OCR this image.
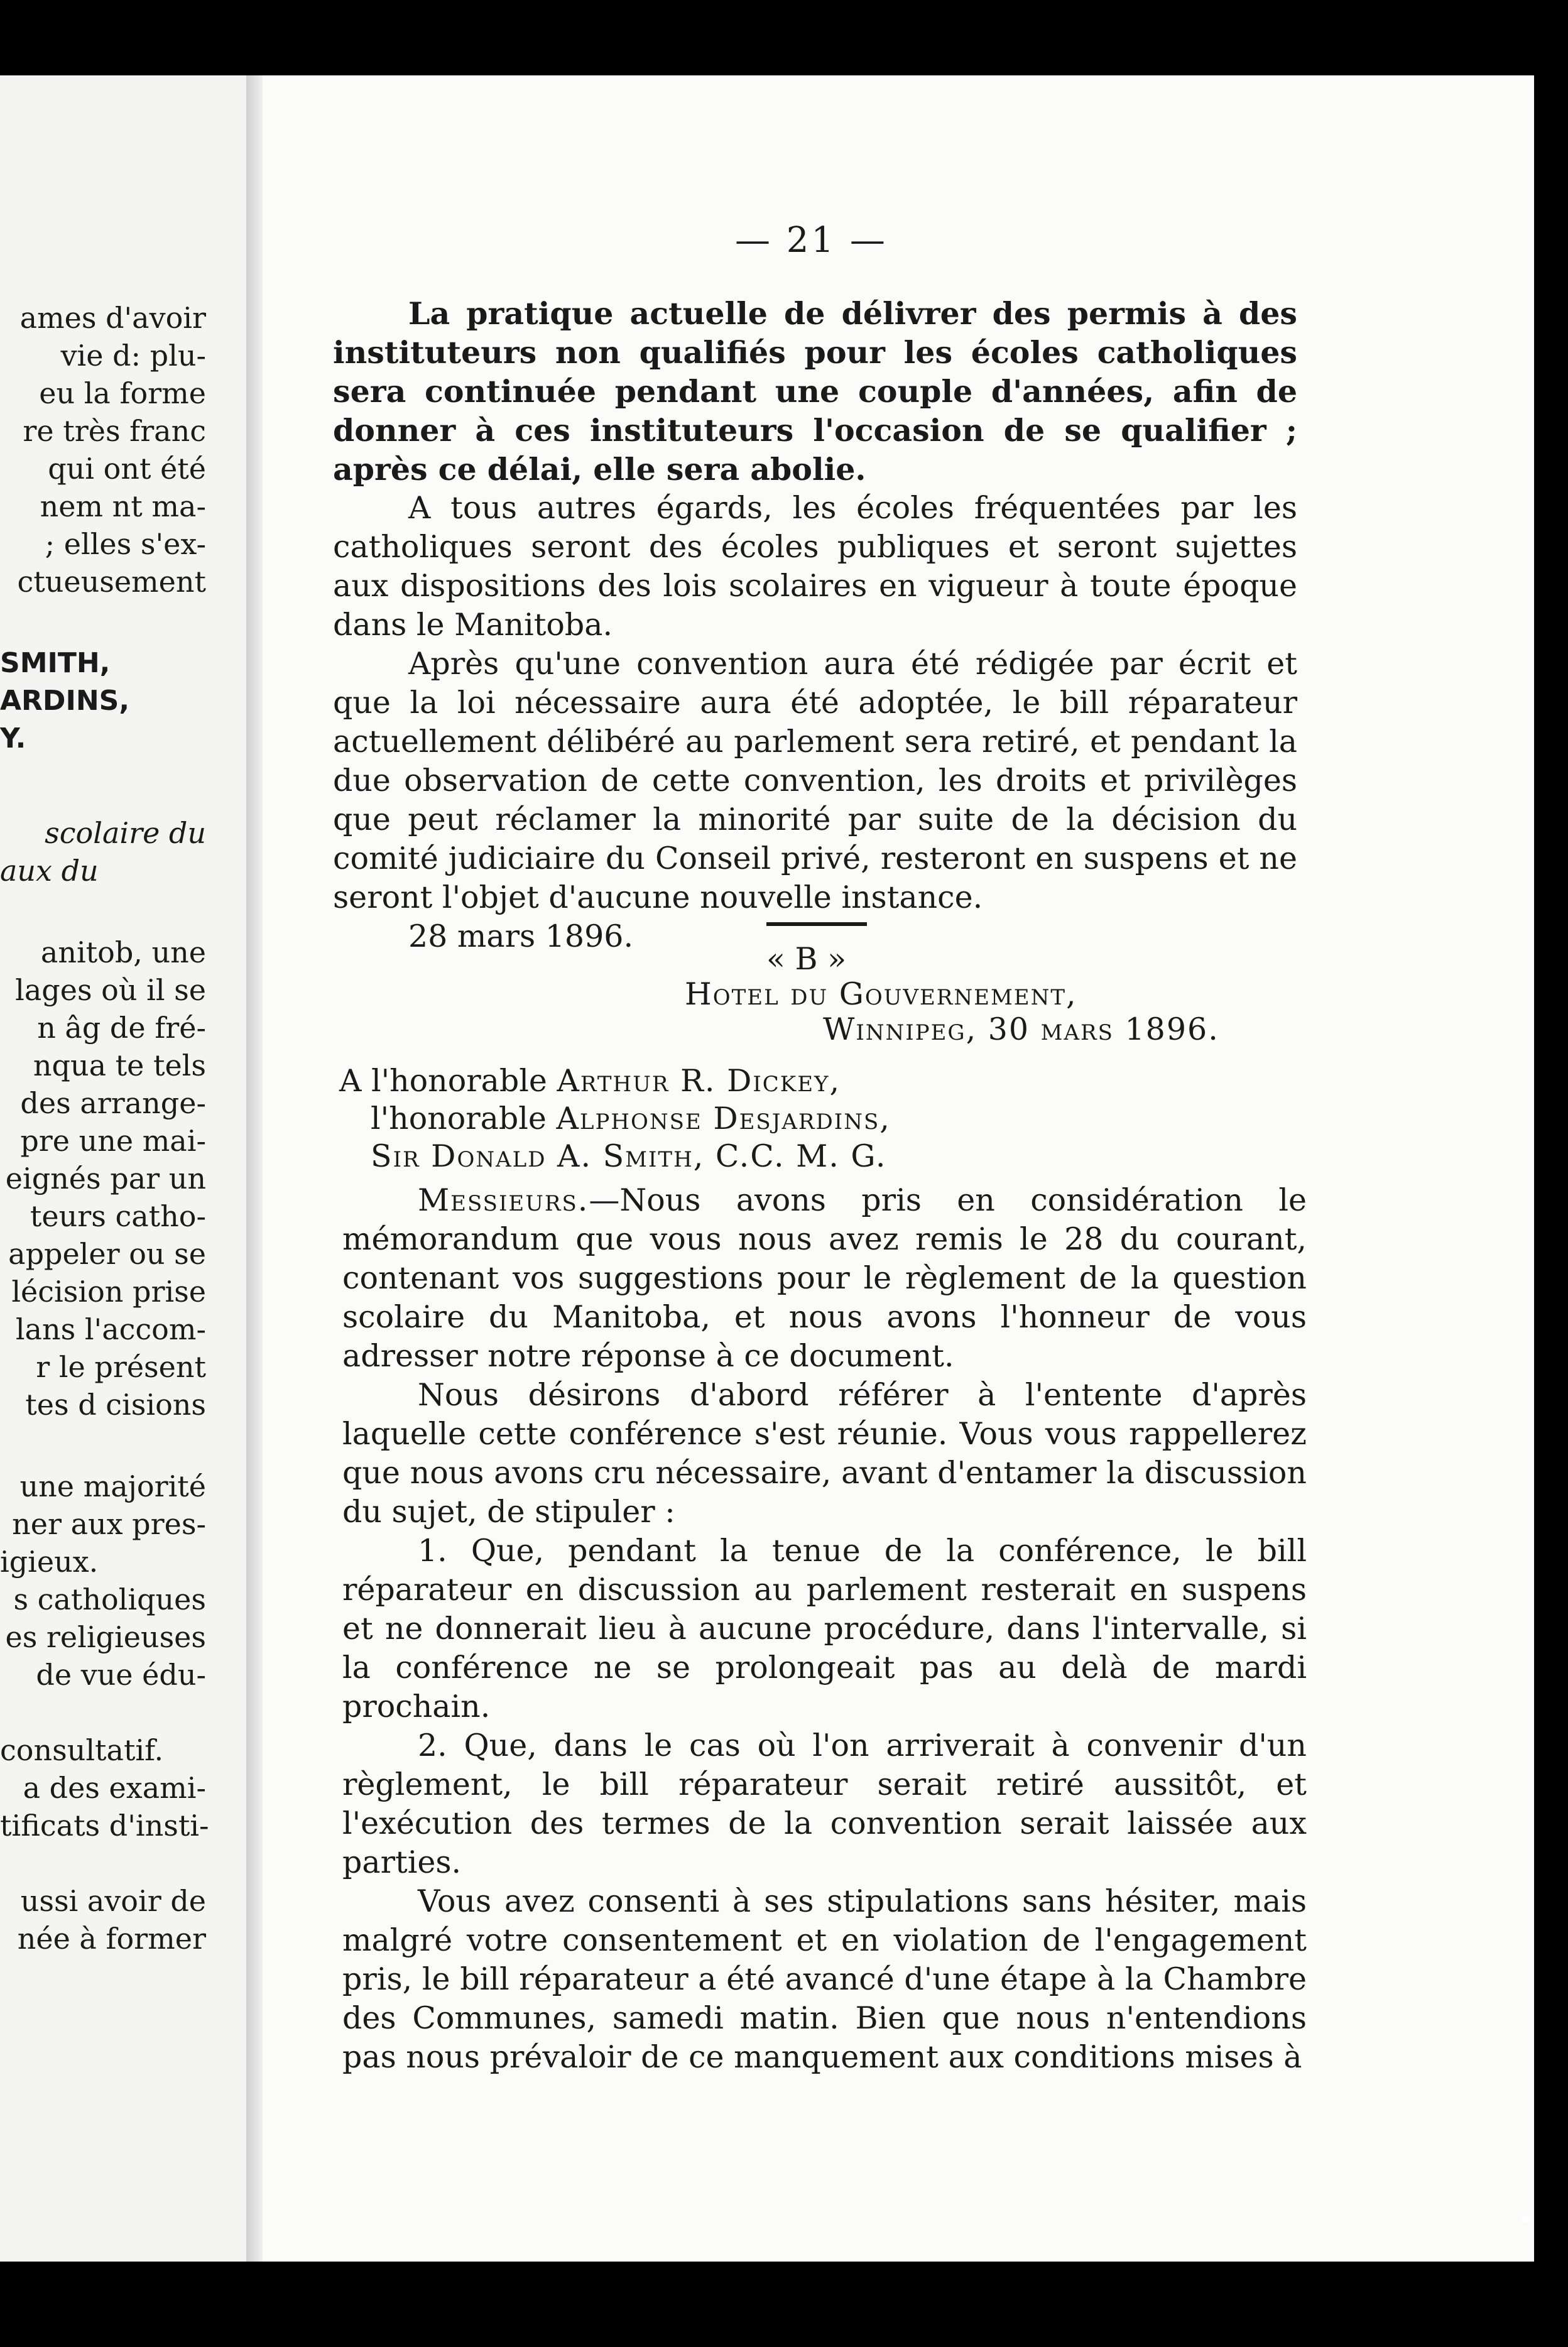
ames d'avoir
vie d: plu-
eu la forme
re très franc
qui ont été
nem nt ma-
; elles s'ex-
ctueusement
SMITH,
ARDINS,
Y.
scolaire du
aux du
anitob, une
lages où il se
n âg de fré-
nqua te tels
des arrange-
pre une mai-
eignés par un
teurs catho-
appeler ou se
lécision prise
lans l'accom-
r le présent
tes d cisions
une majorité
ner aux pres-
igieux.
s catholiques
es religieuses
de vue édu-
consultatif.
a des exami-
tificats d'insti-
ussi avoir de
née à former
— 21 —

La pratique actuelle de délivrer des permis à des instituteurs non qualifiés pour les écoles catholiques sera continuée pendant une couple d'années, afin de donner à ces instituteurs l'occasion de se qualifier ; après ce délai, elle sera abolie.

A tous autres égards, les écoles fréquentées par les catholiques seront des écoles publiques et seront sujettes aux dispositions des lois scolaires en vigueur à toute époque dans le Manitoba.

Après qu'une convention aura été rédigée par écrit et que la loi nécessaire aura été adoptée, le bill réparateur actuellement délibéré au parlement sera retiré, et pendant la due observation de cette convention, les droits et privilèges que peut réclamer la minorité par suite de la décision du comité judiciaire du Conseil privé, resteront en suspens et ne seront l'objet d'aucune nouvelle instance.

28 mars 1896.

« B »
Hotel du Gouvernement,
Winnipeg, 30 mars 1896.
A l'honorable Arthur R. Dickey,
l'honorable Alphonse Desjardins,
Sir Donald A. Smith, C.C. M. G.

Messieurs.—Nous avons pris en considération le mémorandum que vous nous avez remis le 28 du courant, contenant vos suggestions pour le règlement de la question scolaire du Manitoba, et nous avons l'honneur de vous adresser notre réponse à ce document.

Nous désirons d'abord référer à l'entente d'après laquelle cette conférence s'est réunie. Vous vous rappellerez que nous avons cru nécessaire, avant d'entamer la discussion du sujet, de stipuler :

1. Que, pendant la tenue de la conférence, le bill réparateur en discussion au parlement resterait en suspens et ne donnerait lieu à aucune procédure, dans l'intervalle, si la conférence ne se prolongeait pas au delà de mardi prochain.

2. Que, dans le cas où l'on arriverait à convenir d'un règlement, le bill réparateur serait retiré aussitôt, et l'exécution des termes de la convention serait laissée aux parties.

Vous avez consenti à ses stipulations sans hésiter, mais malgré votre consentement et en violation de l'engagement pris, le bill réparateur a été avancé d'une étape à la Chambre des Communes, samedi matin. Bien que nous n'entendions pas nous prévaloir de ce manquement aux conditions mises à
